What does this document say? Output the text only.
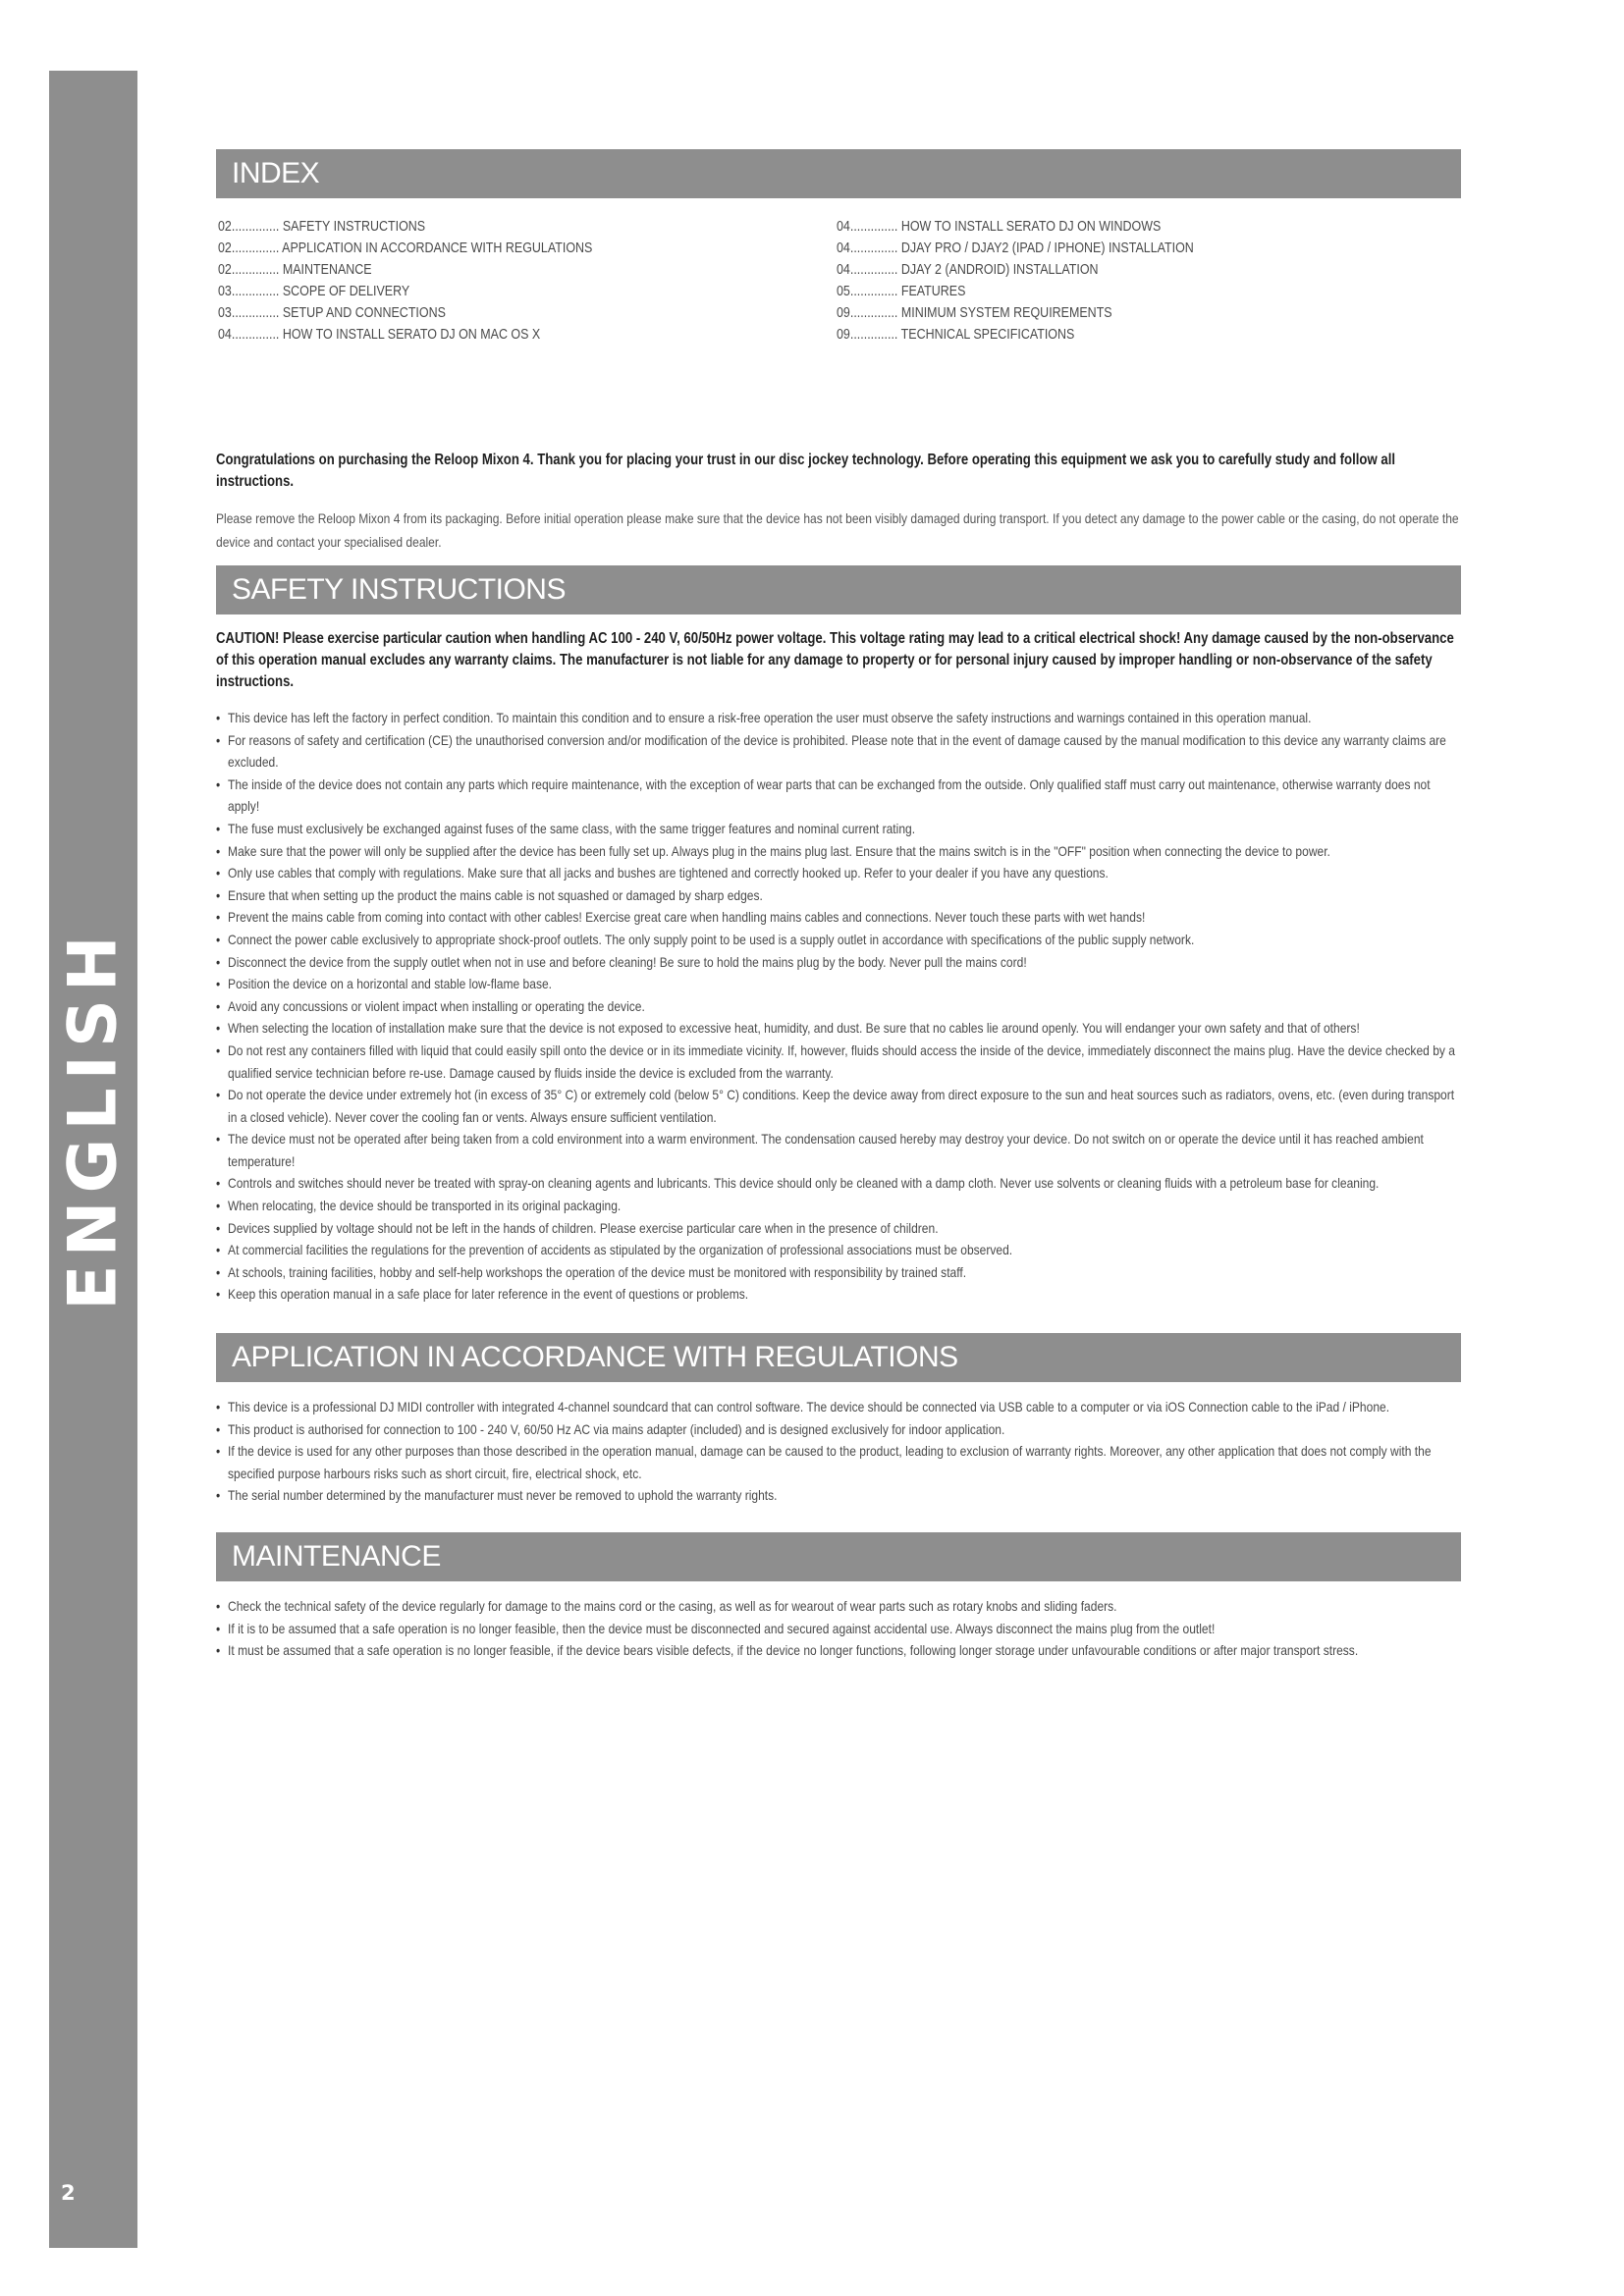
ENGLISH
2
INDEX
02.............. SAFETY INSTRUCTIONS
02.............. APPLICATION IN ACCORDANCE WITH REGULATIONS
02.............. MAINTENANCE
03.............. SCOPE OF DELIVERY
03.............. SETUP AND CONNECTIONS
04.............. HOW TO INSTALL SERATO DJ ON MAC OS X
04.............. HOW TO INSTALL SERATO DJ ON WINDOWS
04.............. DJAY PRO / DJAY2 (IPAD / IPHONE) INSTALLATION
04.............. DJAY 2 (ANDROID) INSTALLATION
05.............. FEATURES
09.............. MINIMUM SYSTEM REQUIREMENTS
09.............. TECHNICAL SPECIFICATIONS
Congratulations on purchasing the Reloop Mixon 4. Thank you for placing your trust in our disc jockey technology. Before operating this equipment we ask you to carefully study and follow all instructions.
Please remove the Reloop Mixon 4 from its packaging. Before initial operation please make sure that the device has not been visibly damaged during transport. If you detect any damage to the power cable or the casing, do not operate the device and contact your specialised dealer.
SAFETY INSTRUCTIONS
CAUTION! Please exercise particular caution when handling AC 100 - 240 V, 60/50Hz power voltage. This voltage rating may lead to a critical electrical shock! Any damage caused by the non-observance of this operation manual excludes any warranty claims. The manufacturer is not liable for any damage to property or for personal injury caused by improper handling or non-observance of the safety instructions.
• This device has left the factory in perfect condition. To maintain this condition and to ensure a risk-free operation the user must observe the safety instructions and warnings contained in this operation manual.
• For reasons of safety and certification (CE) the unauthorised conversion and/or modification of the device is prohibited. Please note that in the event of damage caused by the manual modification to this device any warranty claims are excluded.
• The inside of the device does not contain any parts which require maintenance, with the exception of wear parts that can be exchanged from the outside. Only qualified staff must carry out maintenance, otherwise warranty does not apply!
• The fuse must exclusively be exchanged against fuses of the same class, with the same trigger features and nominal current rating.
• Make sure that the power will only be supplied after the device has been fully set up. Always plug in the mains plug last. Ensure that the mains switch is in the "OFF" position when connecting the device to power.
• Only use cables that comply with regulations. Make sure that all jacks and bushes are tightened and correctly hooked up. Refer to your dealer if you have any questions.
• Ensure that when setting up the product the mains cable is not squashed or damaged by sharp edges.
• Prevent the mains cable from coming into contact with other cables! Exercise great care when handling mains cables and connections. Never touch these parts with wet hands!
• Connect the power cable exclusively to appropriate shock-proof outlets. The only supply point to be used is a supply outlet in accordance with specifications of the public supply network.
• Disconnect the device from the supply outlet when not in use and before cleaning! Be sure to hold the mains plug by the body. Never pull the mains cord!
• Position the device on a horizontal and stable low-flame base.
• Avoid any concussions or violent impact when installing or operating the device.
• When selecting the location of installation make sure that the device is not exposed to excessive heat, humidity, and dust. Be sure that no cables lie around openly. You will endanger your own safety and that of others!
• Do not rest any containers filled with liquid that could easily spill onto the device or in its immediate vicinity. If, however, fluids should access the inside of the device, immediately disconnect the mains plug. Have the device checked by a qualified service technician before re-use. Damage caused by fluids inside the device is excluded from the warranty.
• Do not operate the device under extremely hot (in excess of 35° C) or extremely cold (below 5° C) conditions. Keep the device away from direct exposure to the sun and heat sources such as radiators, ovens, etc. (even during transport in a closed vehicle). Never cover the cooling fan or vents. Always ensure sufficient ventilation.
• The device must not be operated after being taken from a cold environment into a warm environment. The condensation caused hereby may destroy your device. Do not switch on or operate the device until it has reached ambient temperature!
• Controls and switches should never be treated with spray-on cleaning agents and lubricants. This device should only be cleaned with a damp cloth. Never use solvents or cleaning fluids with a petroleum base for cleaning.
• When relocating, the device should be transported in its original packaging.
• Devices supplied by voltage should not be left in the hands of children. Please exercise particular care when in the presence of children.
• At commercial facilities the regulations for the prevention of accidents as stipulated by the organization of professional associations must be observed.
• At schools, training facilities, hobby and self-help workshops the operation of the device must be monitored with responsibility by trained staff.
• Keep this operation manual in a safe place for later reference in the event of questions or problems.
APPLICATION IN ACCORDANCE WITH REGULATIONS
• This device is a professional DJ MIDI controller with integrated 4-channel soundcard that can control software. The device should be connected via USB cable to a computer or via iOS Connection cable to the iPad / iPhone.
• This product is authorised for connection to 100 - 240 V, 60/50 Hz AC via mains adapter (included) and is designed exclusively for indoor application.
• If the device is used for any other purposes than those described in the operation manual, damage can be caused to the product, leading to exclusion of warranty rights. Moreover, any other application that does not comply with the specified purpose harbours risks such as short circuit, fire, electrical shock, etc.
• The serial number determined by the manufacturer must never be removed to uphold the warranty rights.
MAINTENANCE
• Check the technical safety of the device regularly for damage to the mains cord or the casing, as well as for wearout of wear parts such as rotary knobs and sliding faders.
• If it is to be assumed that a safe operation is no longer feasible, then the device must be disconnected and secured against accidental use. Always disconnect the mains plug from the outlet!
• It must be assumed that a safe operation is no longer feasible, if the device bears visible defects, if the device no longer functions, following longer storage under unfavourable conditions or after major transport stress.
